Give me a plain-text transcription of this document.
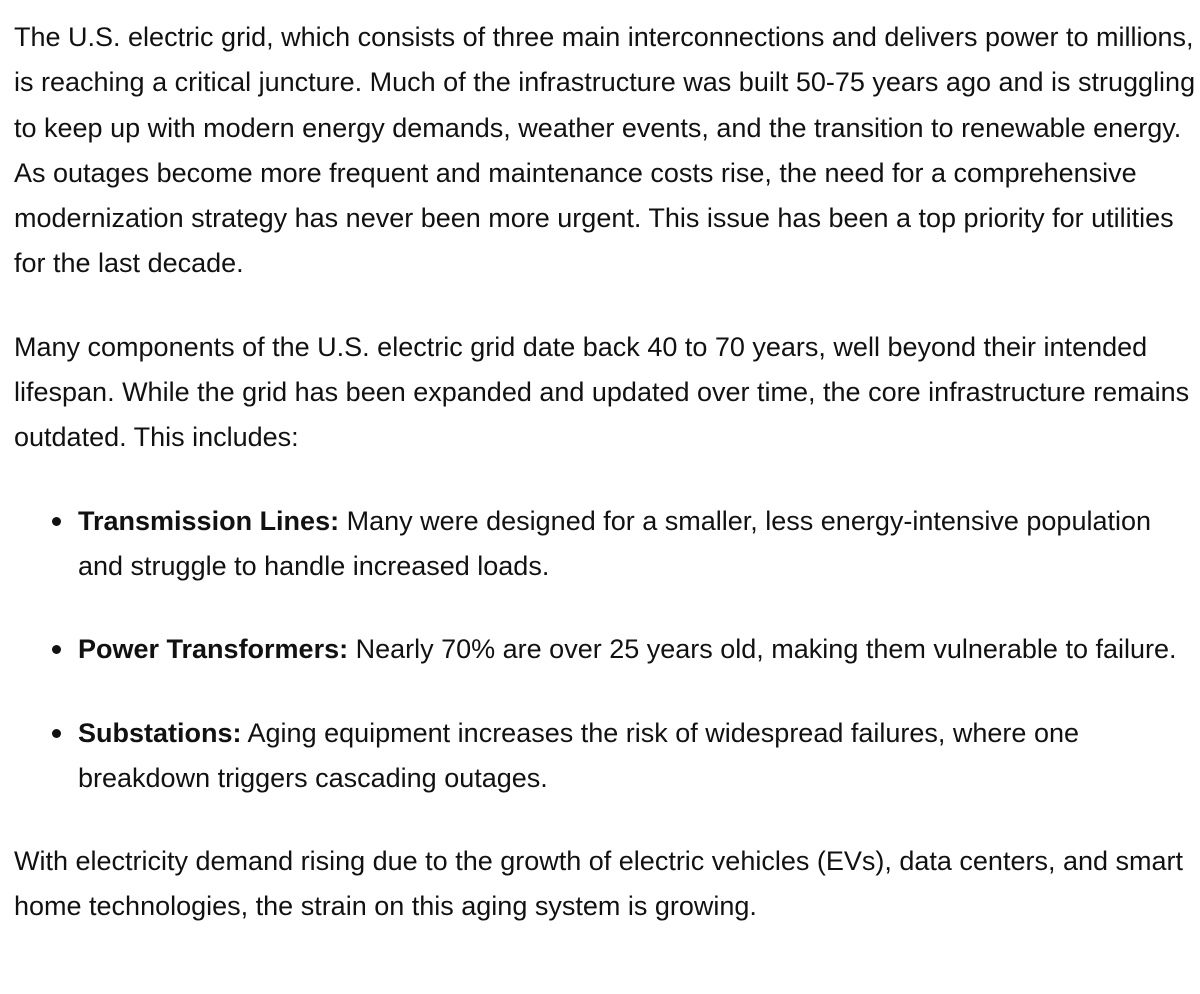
The U.S. electric grid, which consists of three main interconnections and delivers power to millions, is reaching a critical juncture. Much of the infrastructure was built 50-75 years ago and is struggling to keep up with modern energy demands, weather events, and the transition to renewable energy. As outages become more frequent and maintenance costs rise, the need for a comprehensive modernization strategy has never been more urgent. This issue has been a top priority for utilities for the last decade.

Many components of the U.S. electric grid date back 40 to 70 years, well beyond their intended lifespan. While the grid has been expanded and updated over time, the core infrastructure remains outdated. This includes:

Transmission Lines: Many were designed for a smaller, less energy-intensive population and struggle to handle increased loads.
Power Transformers: Nearly 70% are over 25 years old, making them vulnerable to failure.
Substations: Aging equipment increases the risk of widespread failures, where one breakdown triggers cascading outages.

With electricity demand rising due to the growth of electric vehicles (EVs), data centers, and smart home technologies, the strain on this aging system is growing.
